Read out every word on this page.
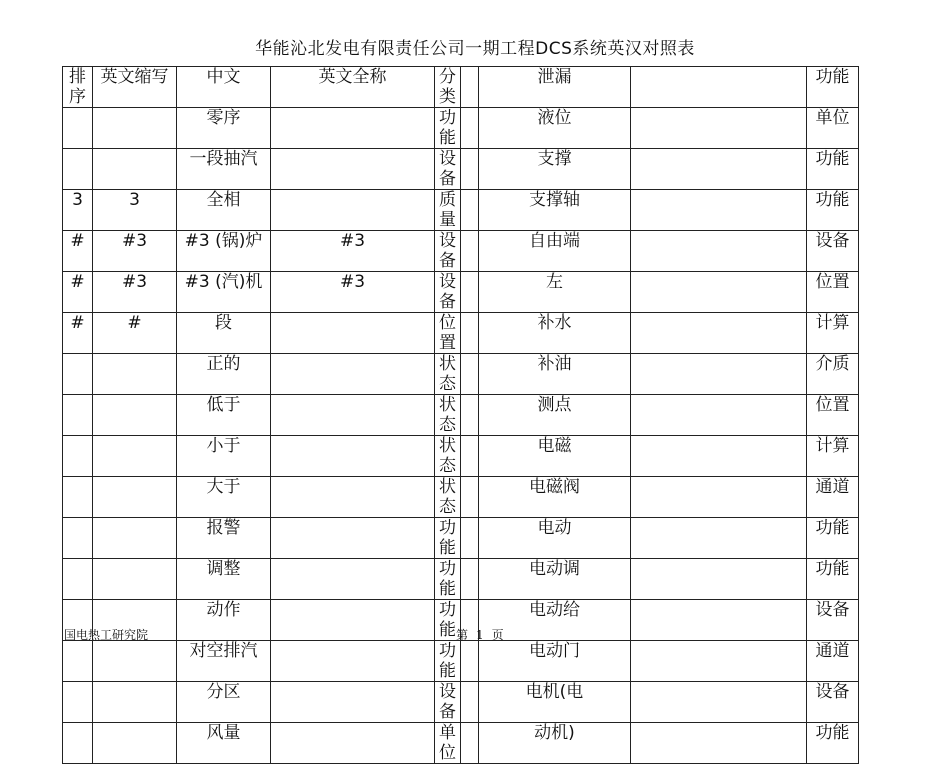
华能沁北发电有限责任公司一期工程DCS系统英汉对照表
排序	英文缩写	中文	英文全称	分类		泄漏		功能
		零序		功能		液位		单位
		一段抽汽		设备		支撑		功能
3	3	全相		质量		支撑轴		功能
#	#3	#3 (锅)炉	#3	设备		自由端		设备
#	#3	#3 (汽)机	#3	设备		左		位置
#	#	段		位置		补水		计算
		正的		状态		补油		介质
		低于		状态		测点		位置
		小于		状态		电磁		计算
		大于		状态		电磁阀		通道
		报警		功能		电动		功能
		调整		功能		电动调		功能
		动作		功能		电动给		设备
		对空排汽		功能		电动门		通道
		分区		设备		电机(电		设备
		风量		单位		动机)		功能
国电热工研究院	第 1 页
